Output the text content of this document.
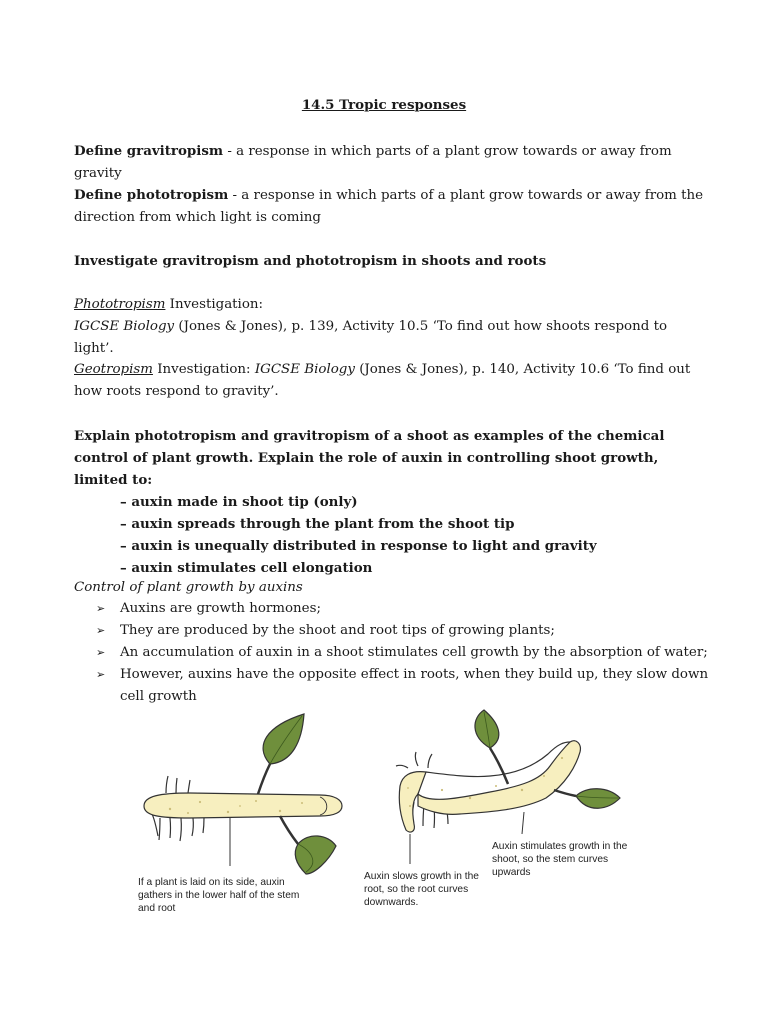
14.5 Tropic responses
Define gravitropism - a response in which parts of a plant grow towards or away from gravity
Define phototropism - a response in which parts of a plant grow towards or away from the direction from which light is coming
Investigate gravitropism and phototropism in shoots and roots
Phototropism Investigation:
IGCSE Biology (Jones & Jones), p. 139, Activity 10.5 ‘To find out how shoots respond to light’.
Geotropism Investigation: IGCSE Biology (Jones & Jones), p. 140, Activity 10.6 ‘To find out how roots respond to gravity’.
Explain phototropism and gravitropism of a shoot as examples of the chemical control of plant growth. Explain the role of auxin in controlling shoot growth, limited to:
– auxin made in shoot tip (only)
– auxin spreads through the plant from the shoot tip
– auxin is unequally distributed in response to light and gravity
– auxin stimulates cell elongation
Control of plant growth by auxins
➢	Auxins are growth hormones;
➢	They are produced by the shoot and root tips of growing plants;
➢	An accumulation of auxin in a shoot stimulates cell growth by the absorption of water;
➢	However, auxins have the opposite effect in roots, when they build up, they slow down cell growth
If a plant is laid on its side, auxin gathers in the lower half of the stem and root
Auxin slows growth in the root, so the root curves downwards.
Auxin stimulates growth in the shoot, so the stem curves upwards
